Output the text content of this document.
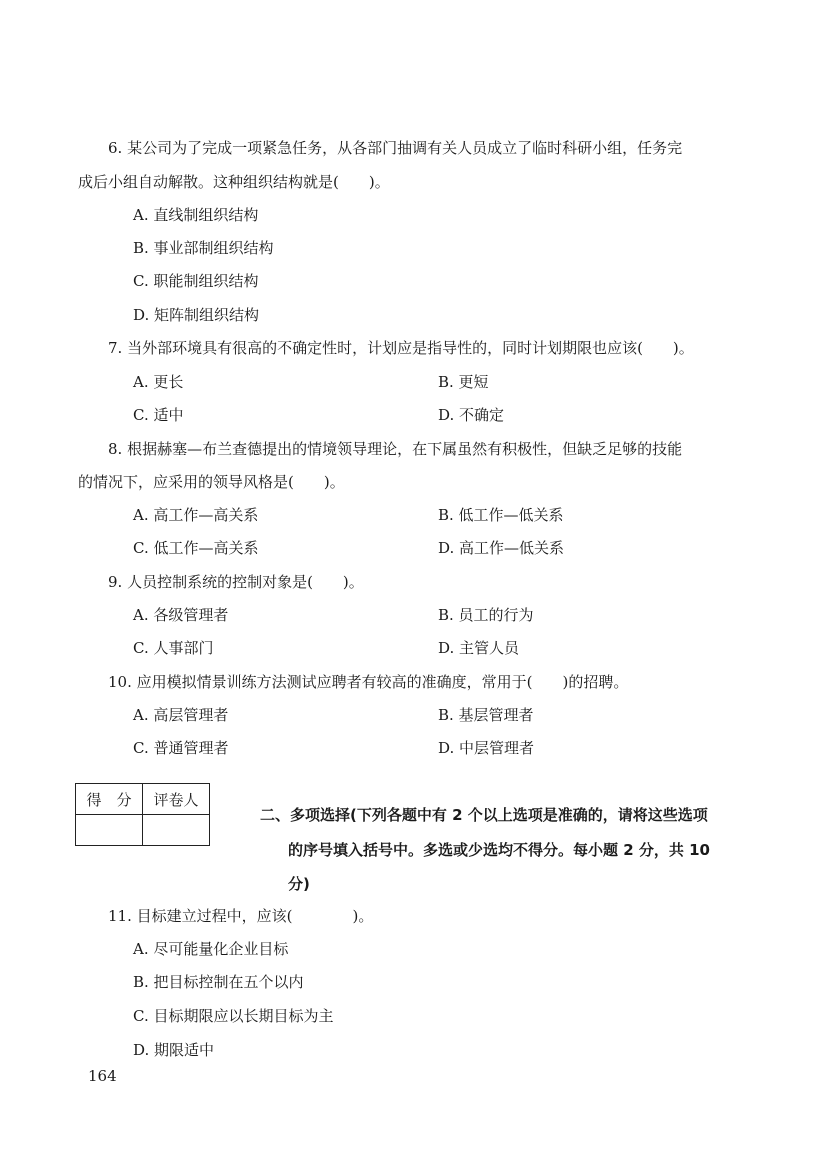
6. 某公司为了完成一项紧急任务，从各部门抽调有关人员成立了临时科研小组，任务完
成后小组自动解散。这种组织结构就是(　　)。
A. 直线制组织结构
B. 事业部制组织结构
C. 职能制组织结构
D. 矩阵制组织结构
7. 当外部环境具有很高的不确定性时，计划应是指导性的，同时计划期限也应该(　　)。
A. 更长	B. 更短
C. 适中	D. 不确定
8. 根据赫塞—布兰查德提出的情境领导理论，在下属虽然有积极性，但缺乏足够的技能
的情况下，应采用的领导风格是(　　)。
A. 高工作—高关系	B. 低工作—低关系
C. 低工作—高关系	D. 高工作—低关系
9. 人员控制系统的控制对象是(　　)。
A. 各级管理者	B. 员工的行为
C. 人事部门	D. 主管人员
10. 应用模拟情景训练方法测试应聘者有较高的准确度，常用于(　　)的招聘。
A. 高层管理者	B. 基层管理者
C. 普通管理者	D. 中层管理者
得　分	评卷人

二、多项选择(下列各题中有 2 个以上选项是准确的，请将这些选项
的序号填入括号中。多选或少选均不得分。每小题 2 分，共 10
分)
11. 目标建立过程中，应该(　　　　)。
A. 尽可能量化企业目标
B. 把目标控制在五个以内
C. 目标期限应以长期目标为主
D. 期限适中
164
